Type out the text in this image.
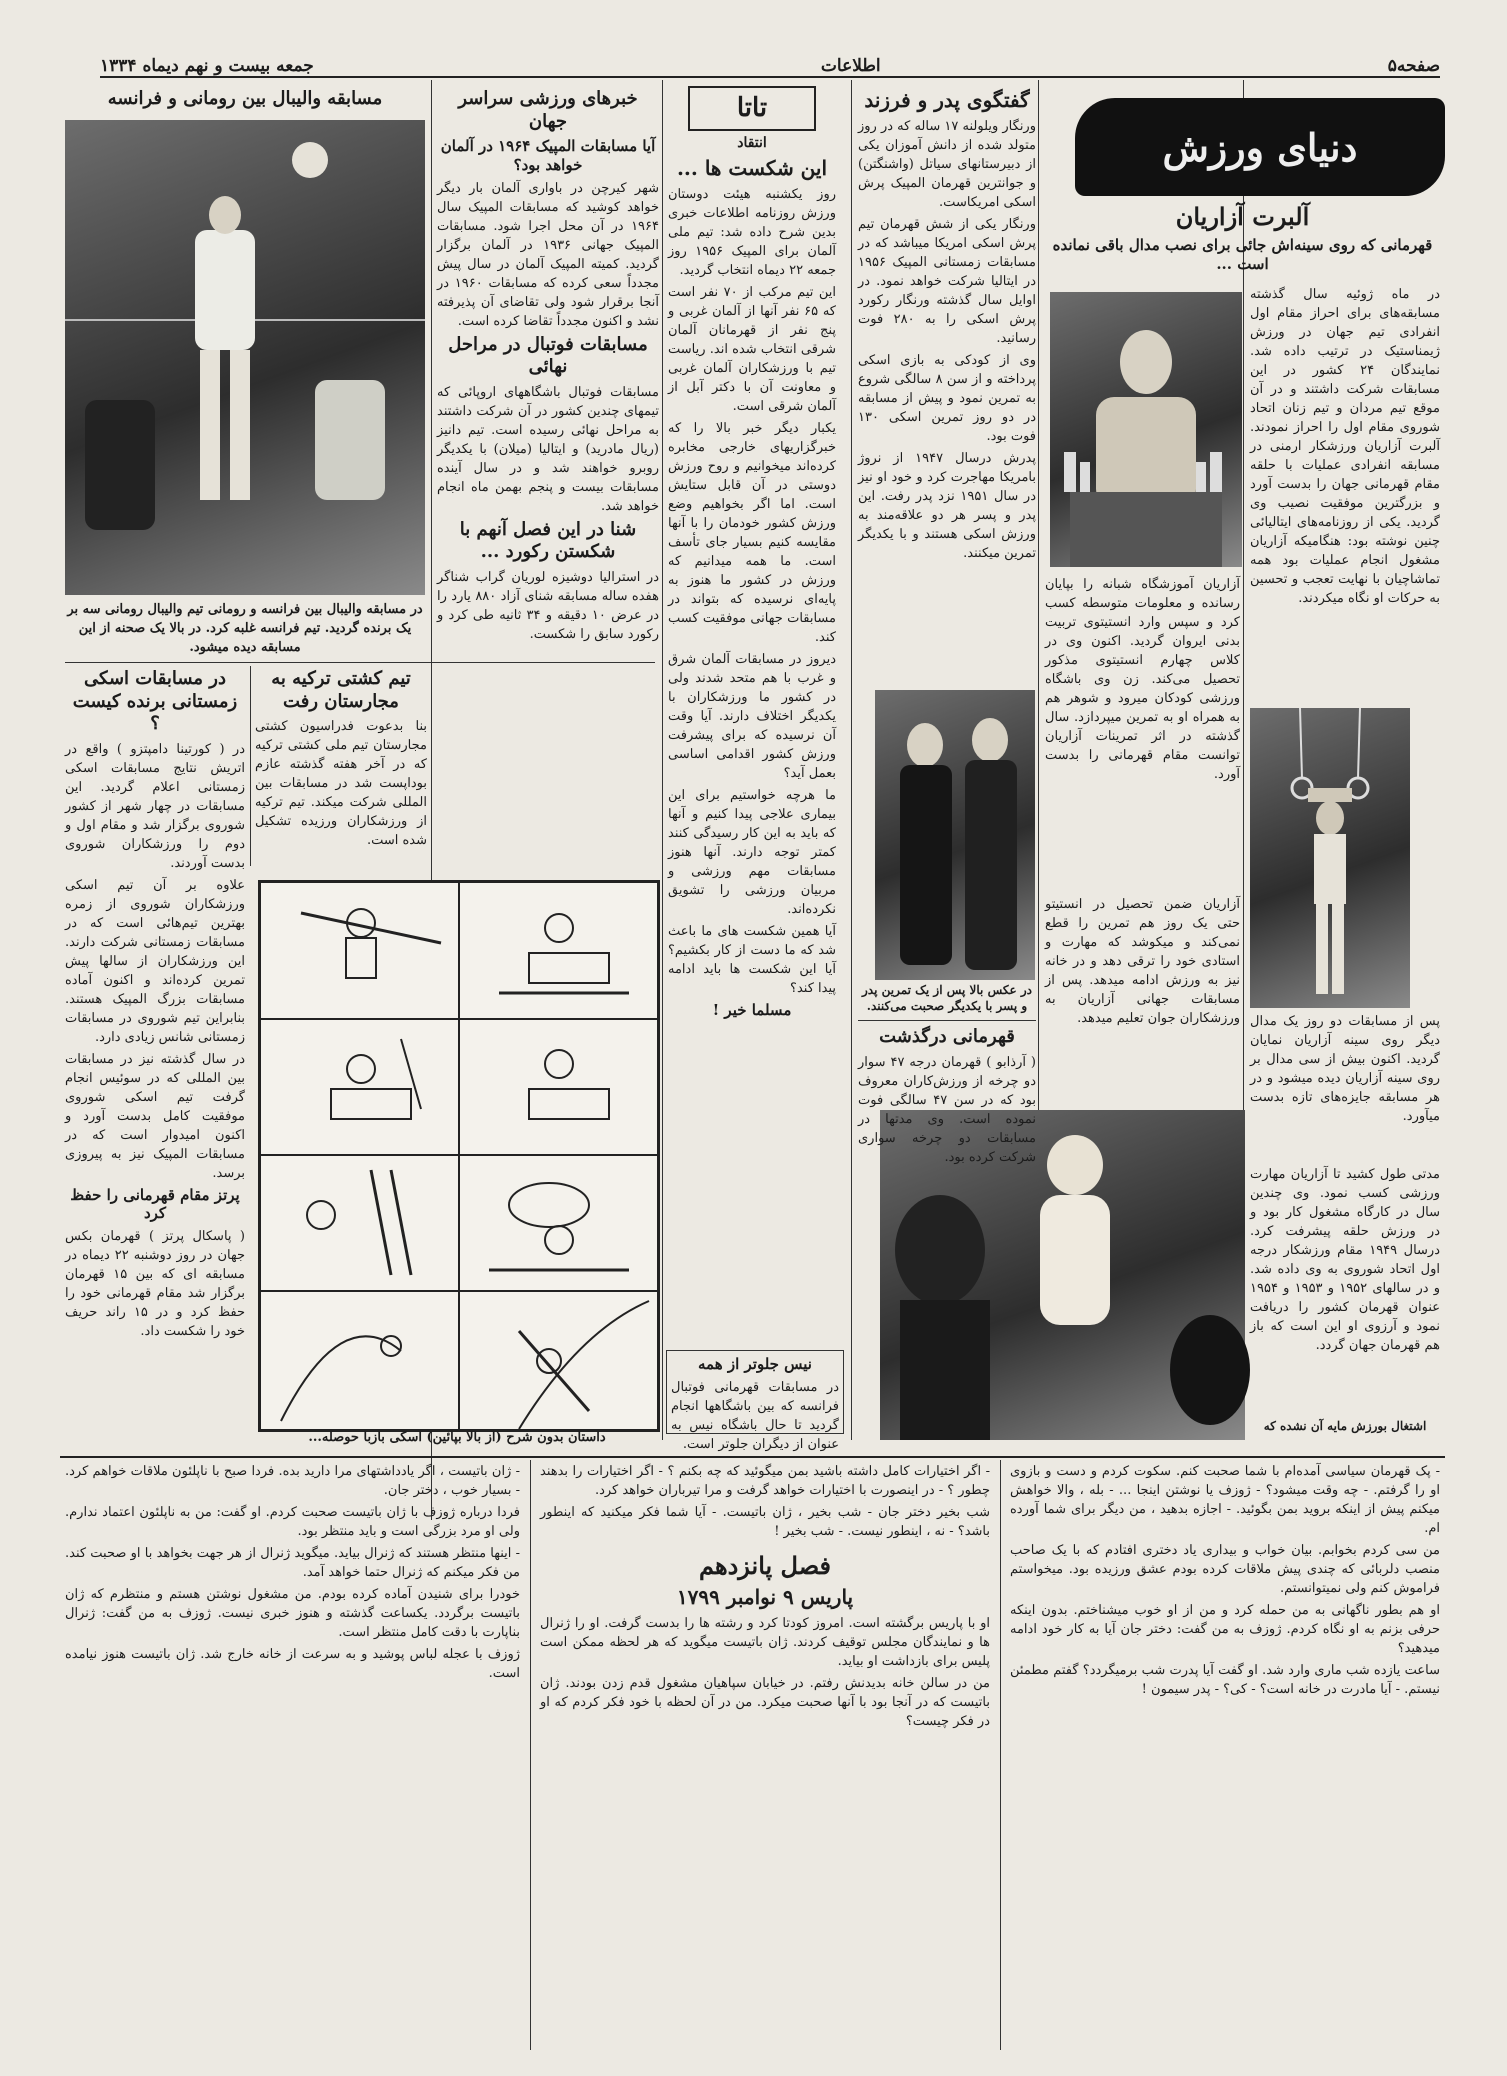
صفحه۵
اطلاعات
جمعه بیست و نهم دیماه ۱۳۳۴
دنیای ورزش
آلبرت آزاریان
قهرمانی که روی سینه‌اش جائی برای نصب مدال باقی نمانده است ...

در ماه ژوئیه سال گذشته مسابقه‌های برای احراز مقام اول انفرادی تیم جهان در ورزش ژیمناستیک در ترتیب داده شد. نمایندگان ۲۴ کشور در این مسابقات شرکت داشتند و در آن موقع تیم مردان و تیم زنان اتحاد شوروی مقام اول را احراز نمودند. آلبرت آزاریان ورزشکار ارمنی در مسابقه انفرادی عملیات با حلقه مقام قهرمانی جهان را بدست آورد و بزرگترین موفقیت نصیب وی گردید. یکی از روزنامه‌های ایتالیائی چنین نوشته بود: هنگامیکه آزاریان مشغول انجام عملیات بود همه تماشاچیان با نهایت تعجب و تحسین به حرکات او نگاه میکردند.

آزاریان آموزشگاه شبانه را بپایان رسانده و معلومات متوسطه کسب کرد و سپس وارد انستیتوی تربیت بدنی ایروان گردید. اکنون وی در کلاس چهارم انستیتوی مذکور تحصیل می‌کند. زن وی باشگاه ورزشی کودکان میرود و شوهر هم به همراه او به تمرین میپردازد. سال گذشته در اثر تمرینات آزاریان توانست مقام قهرمانی را بدست آورد.

آزاریان ضمن تحصیل در انستیتو حتی یک روز هم تمرین را قطع نمی‌کند و میکوشد که مهارت و استادی خود را ترقی دهد و در خانه نیز به ورزش ادامه میدهد. پس از مسابقات جهانی آزاریان به ورزشکاران جوان تعلیم میدهد. پس از مسابقات دو روز یک مدال دیگر روی سینه آزاریان نمایان گردید. اکنون بیش از سی مدال بر روی سینه آزاریان دیده میشود و در هر مسابقه جایزه‌های تازه بدست میآورد.

مدتی طول کشید تا آزاریان مهارت ورزشی کسب نمود. وی چندین سال در کارگاه مشغول کار بود و در ورزش حلقه پیشرفت کرد. درسال ۱۹۴۹ مقام ورزشکار درجه اول اتحاد شوروی به وی داده شد. و در سالهای ۱۹۵۲ و ۱۹۵۳ و ۱۹۵۴ عنوان قهرمان کشور را دریافت نمود و آرزوی او این است که باز هم قهرمان جهان گردد.

اشتغال بورزش مایه آن نشده که
گفتگوی پدر و فرزند

ورنگار ویلولنه ۱۷ ساله که در روز متولد شده از دانش آموزان یکی از دبیرستانهای سیاتل (واشنگتن) و جوانترین قهرمان المپیک پرش اسکی امریکاست.

ورنگار یکی از شش قهرمان تیم پرش اسکی امریکا میباشد که در مسابقات زمستانی المپیک ۱۹۵۶ در ایتالیا شرکت خواهد نمود. در اوایل سال گذشته ورنگار رکورد پرش اسکی را به ۲۸۰ فوت رسانید.

وی از کودکی به بازی اسکی پرداخته و از سن ۸ سالگی شروع به تمرین نمود و پیش از مسابقه در دو روز تمرین اسکی ۱۳۰ فوت بود.

پدرش درسال ۱۹۴۷ از نروژ بامریکا مهاجرت کرد و خود او نیز در سال ۱۹۵۱ نزد پدر رفت. این پدر و پسر هر دو علاقه‌مند به ورزش اسکی هستند و با یکدیگر تمرین میکنند.

در عکس بالا پس از یک تمرین پدر و پسر با یکدیگر صحبت می‌کنند.
قهرمانی درگذشت

( آرذابو ) قهرمان درجه ۴۷ سوار دو چرخه از ورزش‌کاران معروف بود که در سن ۴۷ سالگی فوت نموده است. وی مدتها در مسابقات دو چرخه سواری شرکت کرده بود.

تاتا
انتقاد
این شکست ها ...

روز یکشنبه هیئت دوستان ورزش روزنامه اطلاعات خبری بدین شرح داده شد: تیم ملی آلمان برای المپیک ۱۹۵۶ روز جمعه ۲۲ دیماه انتخاب گردید.

این تیم مرکب از ۷۰ نفر است که ۶۵ نفر آنها از آلمان غربی و پنج نفر از قهرمانان آلمان شرقی انتخاب شده اند. ریاست تیم با ورزشکاران آلمان غربی و معاونت آن با دکتر آبل از آلمان شرقی است.

یکبار دیگر خبر بالا را که خبرگزاریهای خارجی مخابره کرده‌اند میخوانیم و روح ورزش دوستی در آن قابل ستایش است. اما اگر بخواهیم وضع ورزش کشور خودمان را با آنها مقایسه کنیم بسیار جای تأسف است. ما همه میدانیم که ورزش در کشور ما هنوز به پایه‌ای نرسیده که بتواند در مسابقات جهانی موفقیت کسب کند.

دیروز در مسابقات آلمان شرق و غرب با هم متحد شدند ولی در کشور ما ورزشکاران با یکدیگر اختلاف دارند. آیا وقت آن نرسیده که برای پیشرفت ورزش کشور اقدامی اساسی بعمل آید؟

ما هرچه خواستیم برای این بیماری علاجی پیدا کنیم و آنها که باید به این کار رسیدگی کنند کمتر توجه دارند. آنها هنوز مسابقات مهم ورزشی و مربیان ورزشی را تشویق نکرده‌اند.

آیا همین شکست های ما باعث شد که ما دست از کار بکشیم؟ آیا این شکست ها باید ادامه پیدا کند؟

مسلما خیر !
نیس جلوتر از همه

در مسابقات قهرمانی فوتبال فرانسه که بین باشگاهها انجام گردید تا حال باشگاه نیس به عنوان از دیگران جلوتر است.

خبرهای ورزشی سراسر جهان
آیا مسابقات المپیک ۱۹۶۴ در آلمان خواهد بود؟

شهر کیرچن در باواری آلمان بار دیگر خواهد کوشید که مسابقات المپیک سال ۱۹۶۴ در آن محل اجرا شود. مسابقات المپیک جهانی ۱۹۳۶ در آلمان برگزار گردید. کمیته المپیک آلمان در سال پیش مجدداً سعی کرده که مسابقات ۱۹۶۰ در آنجا برقرار شود ولی تقاضای آن پذیرفته نشد و اکنون مجدداً تقاضا کرده است.

مسابقات فوتبال در مراحل نهائی

مسابقات فوتبال باشگاههای اروپائی که تیمهای چندین کشور در آن شرکت داشتند به مراحل نهائی رسیده است. تیم دانیز (ریال مادرید) و ایتالیا (میلان) با یکدیگر روبرو خواهند شد و در سال آینده مسابقات بیست و پنجم بهمن ماه انجام خواهد شد.

شنا در این فصل آنهم با شکستن رکورد ...

در استرالیا دوشیزه لوریان گراب شناگر هفده ساله مسابقه شنای آزاد ۸۸۰ یارد را در عرض ۱۰ دقیقه و ۳۴ ثانیه طی کرد و رکورد سابق را شکست.

مسابقه والیبال بین رومانی و فرانسه

در مسابقه والیبال بین فرانسه و رومانی تیم والیبال رومانی سه بر یک برنده گردید. تیم فرانسه غلبه کرد. در بالا یک صحنه از این مسابقه دیده میشود.

در مسابقات اسکی زمستانی برنده کیست ؟

در ( کورتینا دامپتزو ) واقع در اتریش نتایج مسابقات اسکی زمستانی اعلام گردید. این مسابقات در چهار شهر از کشور شوروی برگزار شد و مقام اول و دوم را ورزشکاران شوروی بدست آوردند.

علاوه بر آن تیم اسکی ورزشکاران شوروی از زمره بهترین تیم‌هائی است که در مسابقات زمستانی شرکت دارند. این ورزشکاران از سالها پیش تمرین کرده‌اند و اکنون آماده مسابقات بزرگ المپیک هستند. بنابراین تیم شوروی در مسابقات زمستانی شانس زیادی دارد.

در سال گذشته نیز در مسابقات بین المللی که در سوئیس انجام گرفت تیم اسکی شوروی موفقیت کامل بدست آورد و اکنون امیدوار است که در مسابقات المپیک نیز به پیروزی برسد.

پرتز مقام قهرمانی را حفظ کرد

( پاسکال پرتز ) قهرمان بکس جهان در روز دوشنبه ۲۲ دیماه در مسابقه ای که بین ۱۵ قهرمان برگزار شد مقام قهرمانی خود را حفظ کرد و در ۱۵ راند حریف خود را شکست داد.

تیم کشتی ترکیه به مجارستان رفت

بنا بدعوت فدراسیون کشتی مجارستان تیم ملی کشتی ترکیه که در آخر هفته گذشته عازم بوداپست شد در مسابقات بین المللی شرکت میکند. تیم ترکیه از ورزشکاران ورزیده تشکیل شده است.

داستان بدون شرح (از بالا بپائین) اسکی بازبا حوصله...

- پک قهرمان سیاسی آمده‌ام با شما صحبت کنم. سکوت کردم و دست و بازوی او را گرفتم. - چه وقت میشود؟ - ژوزف یا نوشتن اینجا ... - بله ، والا خواهش میکنم پیش از اینکه بروید بمن بگوئید. - اجازه بدهید ، من دیگر برای شما آورده ام.

من سی کردم بخوابم. بیان خواب و بیداری یاد دختری افتادم که با یک صاحب منصب دلربائی که چندی پیش ملاقات کرده بودم عشق ورزیده بود. میخواستم فراموش کنم ولی نمیتوانستم.

او هم بطور ناگهانی به من حمله کرد و من از او خوب میشناختم. بدون اینکه حرفی بزنم به او نگاه کردم. ژوزف به من گفت: دختر جان آیا به کار خود ادامه میدهید؟

ساعت یازده شب ماری وارد شد. او گفت آیا پدرت شب برمیگردد؟ گفتم مطمئن نیستم. - آیا مادرت در خانه است؟ - کی؟ - پدر سیمون !

- اگر اختیارات کامل داشته باشید بمن میگوئید که چه بکنم ؟ - اگر اختیارات را بدهند چطور ؟ - در اینصورت با اختیارات خواهد گرفت و مرا تیرباران خواهد کرد.

شب بخیر دختر جان - شب بخیر ، ژان باتیست. - آیا شما فکر میکنید که اینطور باشد؟ - نه ، اینطور نیست. - شب بخیر !

فصل پانزدهم
پاریس ۹ نوامبر ۱۷۹۹

او با پاریس برگشته است. امروز کودتا کرد و رشته ها را بدست گرفت. او را ژنرال ها و نمایندگان مجلس توقیف کردند. ژان باتیست میگوید که هر لحظه ممکن است پلیس برای بازداشت او بیاید.

من در سالن خانه بدیدنش رفتم. در خیابان سپاهیان مشغول قدم زدن بودند. ژان باتیست که در آنجا بود با آنها صحبت میکرد. من در آن لحظه با خود فکر کردم که او در فکر چیست؟

- ژان باتیست ، اگر یادداشتهای مرا دارید بده. فردا صبح با ناپلئون ملاقات خواهم کرد. - بسیار خوب ، دختر جان.

فردا درباره ژوزف با ژان باتیست صحبت کردم. او گفت: من به ناپلئون اعتماد ندارم. ولی او مرد بزرگی است و باید منتظر بود.

- اینها منتظر هستند که ژنرال بیاید. میگوید ژنرال از هر جهت بخواهد با او صحبت کند. من فکر میکنم که ژنرال حتما خواهد آمد.

خودرا برای شنیدن آماده کرده بودم. من مشغول نوشتن هستم و منتظرم که ژان باتیست برگردد. یکساعت گذشته و هنوز خبری نیست. ژوزف به من گفت: ژنرال بناپارت با دقت کامل منتظر است.

ژوزف با عجله لباس پوشید و به سرعت از خانه خارج شد. ژان باتیست هنوز نیامده است.
